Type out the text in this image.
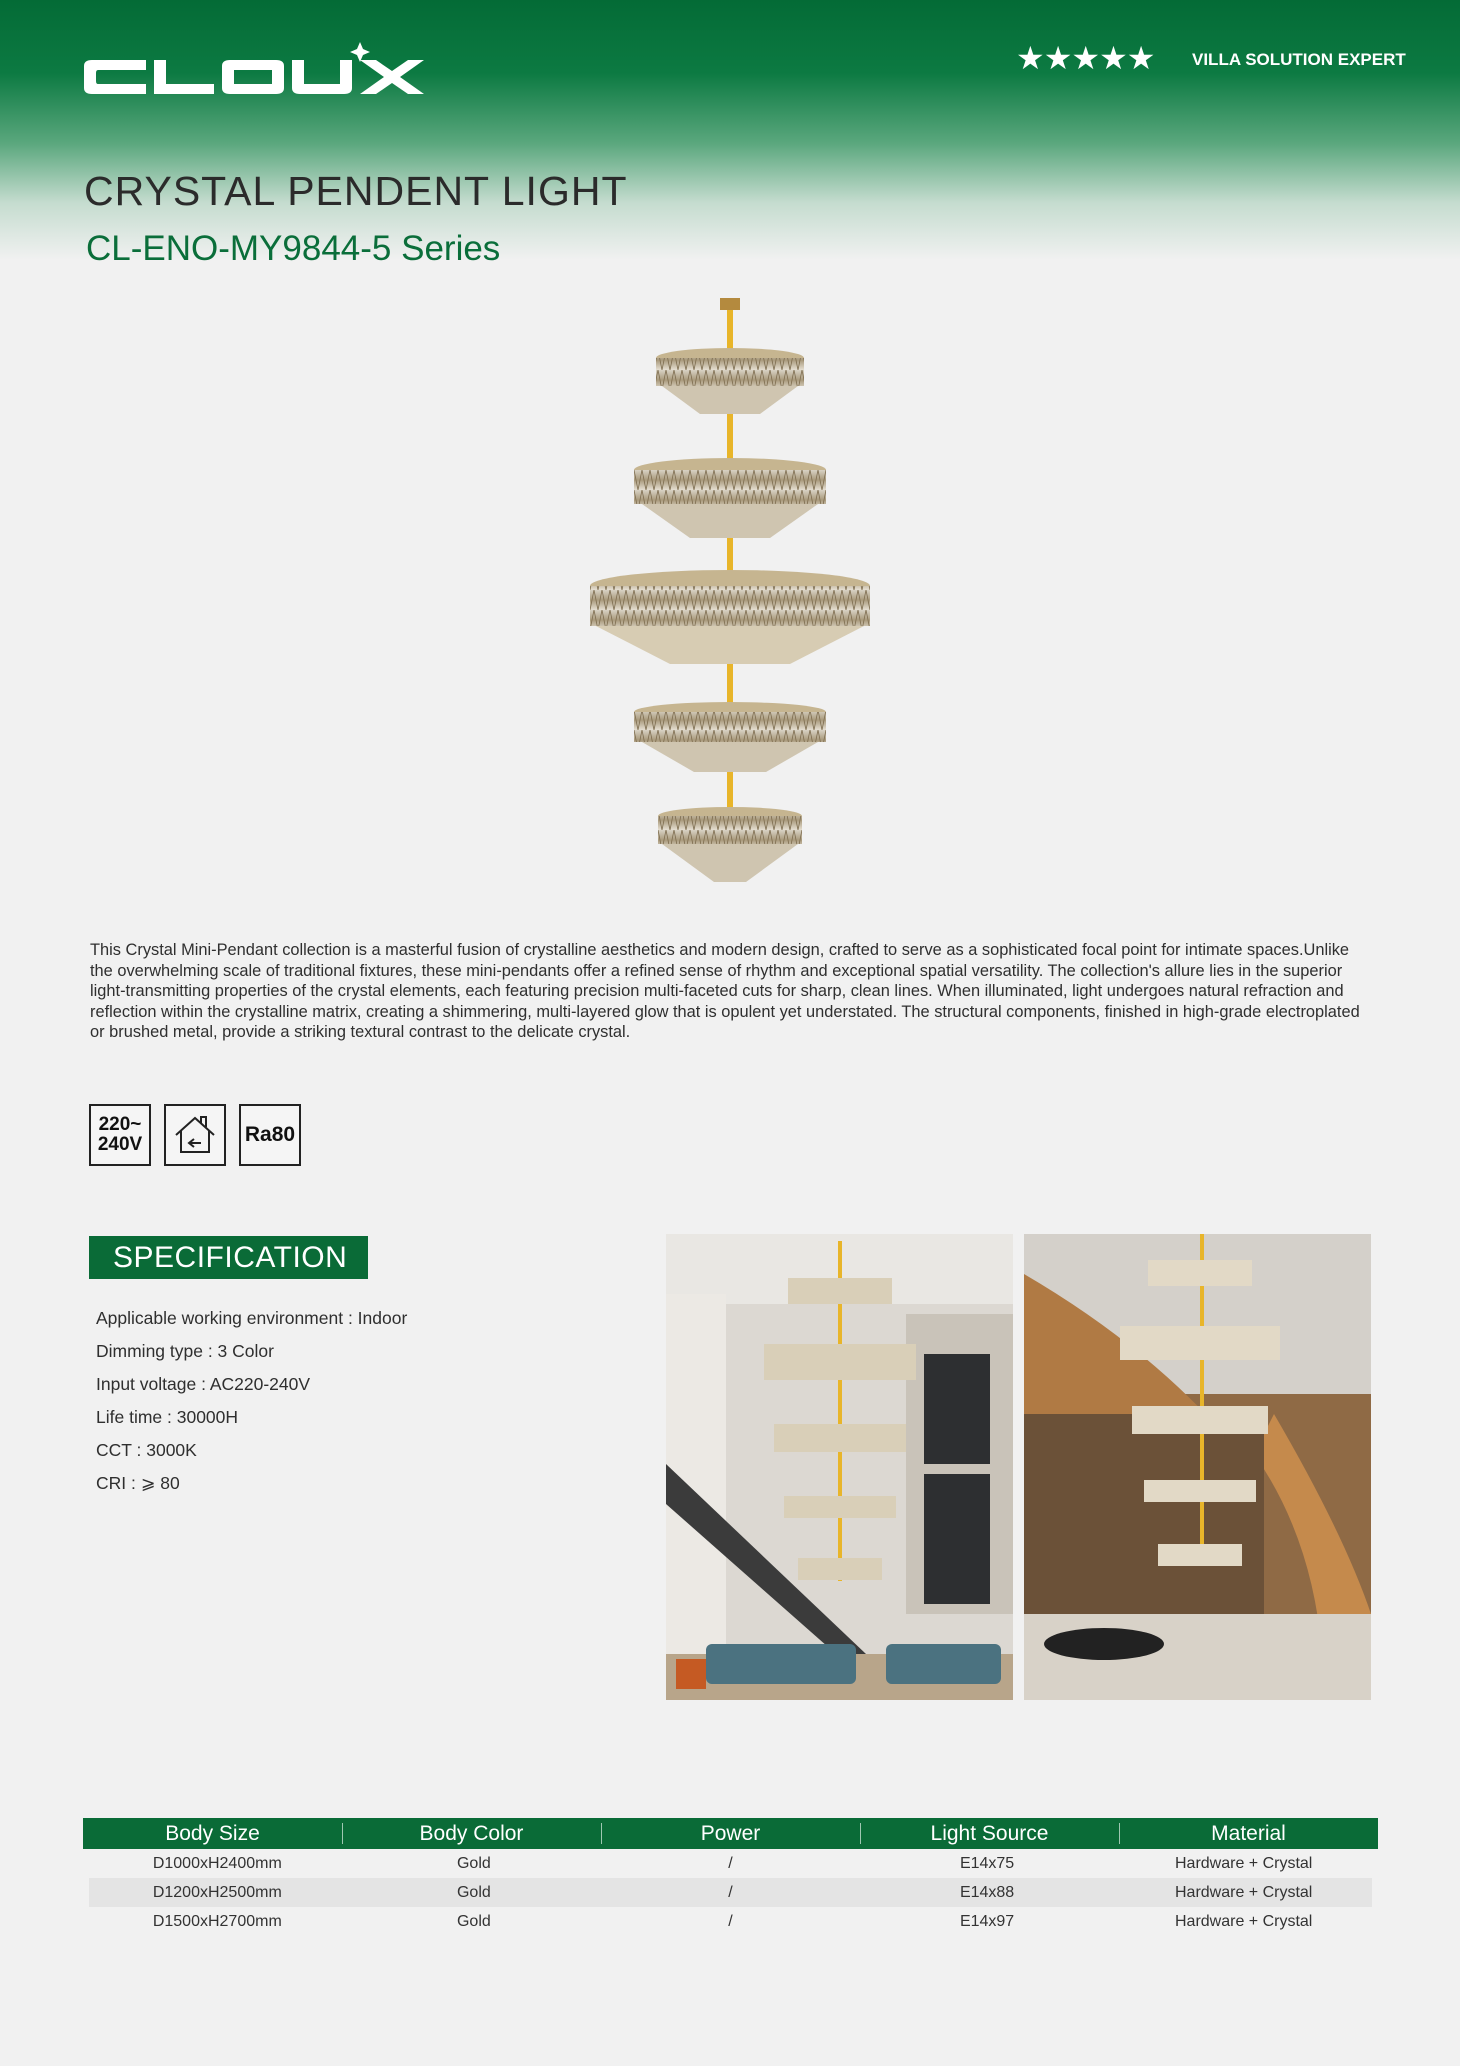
★★★★★	VILLA SOLUTION EXPERT
CRYSTAL PENDENT LIGHT
CL-ENO-MY9844-5 Series

This Crystal Mini-Pendant collection is a masterful fusion of crystalline aesthetics and modern design, crafted to serve as a sophisticated focal point for intimate spaces.Unlike the overwhelming scale of traditional fixtures, these mini-pendants offer a refined sense of rhythm and exceptional spatial versatility. The collection's allure lies in the superior light-transmitting properties of the crystal elements, each featuring precision multi-faceted cuts for sharp, clean lines. When illuminated, light undergoes natural refraction and reflection within the crystalline matrix, creating a shimmering, multi-layered glow that is opulent yet understated. The structural components, finished in high-grade electroplated or brushed metal, provide a striking textural contrast to the delicate crystal.

220~
240V	Ra80
SPECIFICATION
Applicable working environment : Indoor
Dimming type : 3 Color
Input voltage : AC220-240V
Life time : 30000H
CCT : 3000K
CRI : ⩾ 80
Body Size	Body Color	Power	Light Source	Material
D1000xH2400mm	Gold	/	E14x75	Hardware + Crystal
D1200xH2500mm	Gold	/	E14x88	Hardware + Crystal
D1500xH2700mm	Gold	/	E14x97	Hardware + Crystal
